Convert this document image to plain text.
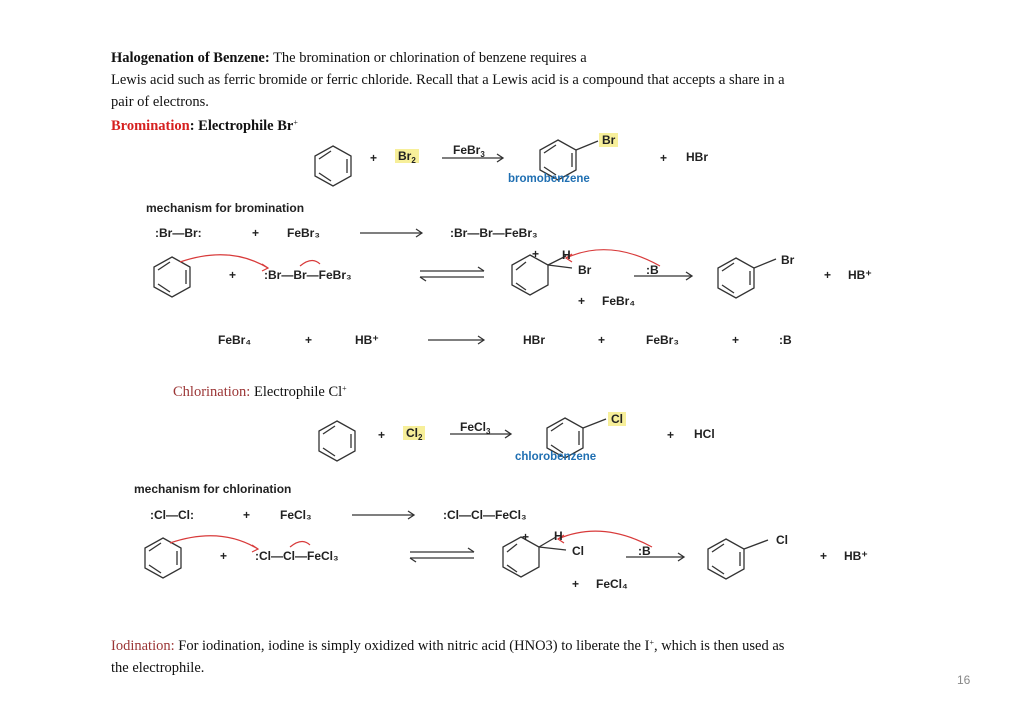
Halogenation of Benzene: The bromination or chlorination of benzene requires a
Lewis acid such as ferric bromide or ferric chloride. Recall that a Lewis acid is a compound that accepts a share in a
pair of electrons.
Bromination: Electrophile Br+
+ $Br_2$
FeBr$_3$
Br
bromobenzene
+ HBr
mechanism for bromination
:Br—Br:	+ FeBr₃	:Br—Br—FeBr₃
+ :Br—Br—FeBr₃
+ H
Br	:B
Br
+ HB⁺
+ FeBr₄
FeBr₄	+	HB⁺	HBr	+	FeBr₃	+	:B
Chlorination: Electrophile Cl+
+ $Cl_2$
FeCl$_3$
Cl
chlorobenzene
+ HCl
mechanism for chlorination
:Cl—Cl:	+ FeCl₃	:Cl—Cl—FeCl₃
+ :Cl—Cl—FeCl₃
+ H
Cl	:B
Cl
+ HB⁺
+ FeCl₄
Iodination: For iodination, iodine is simply oxidized with nitric acid (HNO3) to liberate the I+, which is then used as
the electrophile.
16
